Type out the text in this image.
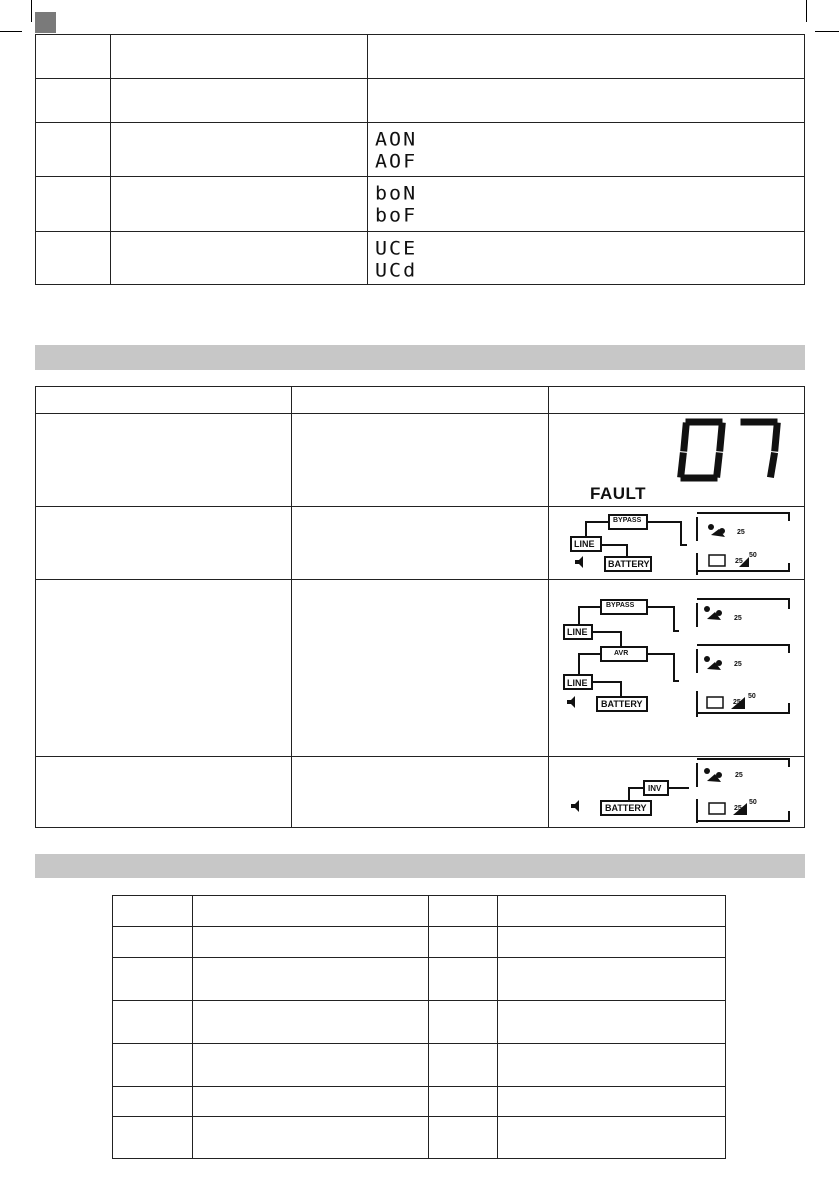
AON
AOF
boN
boF
UCE
UCd
FAULT
BYPASS
LINE
BATTERY
25
25
50
BYPASS
LINE
25
AVR
LINE
BATTERY
25
25
50
INV
BATTERY
25
25
50
